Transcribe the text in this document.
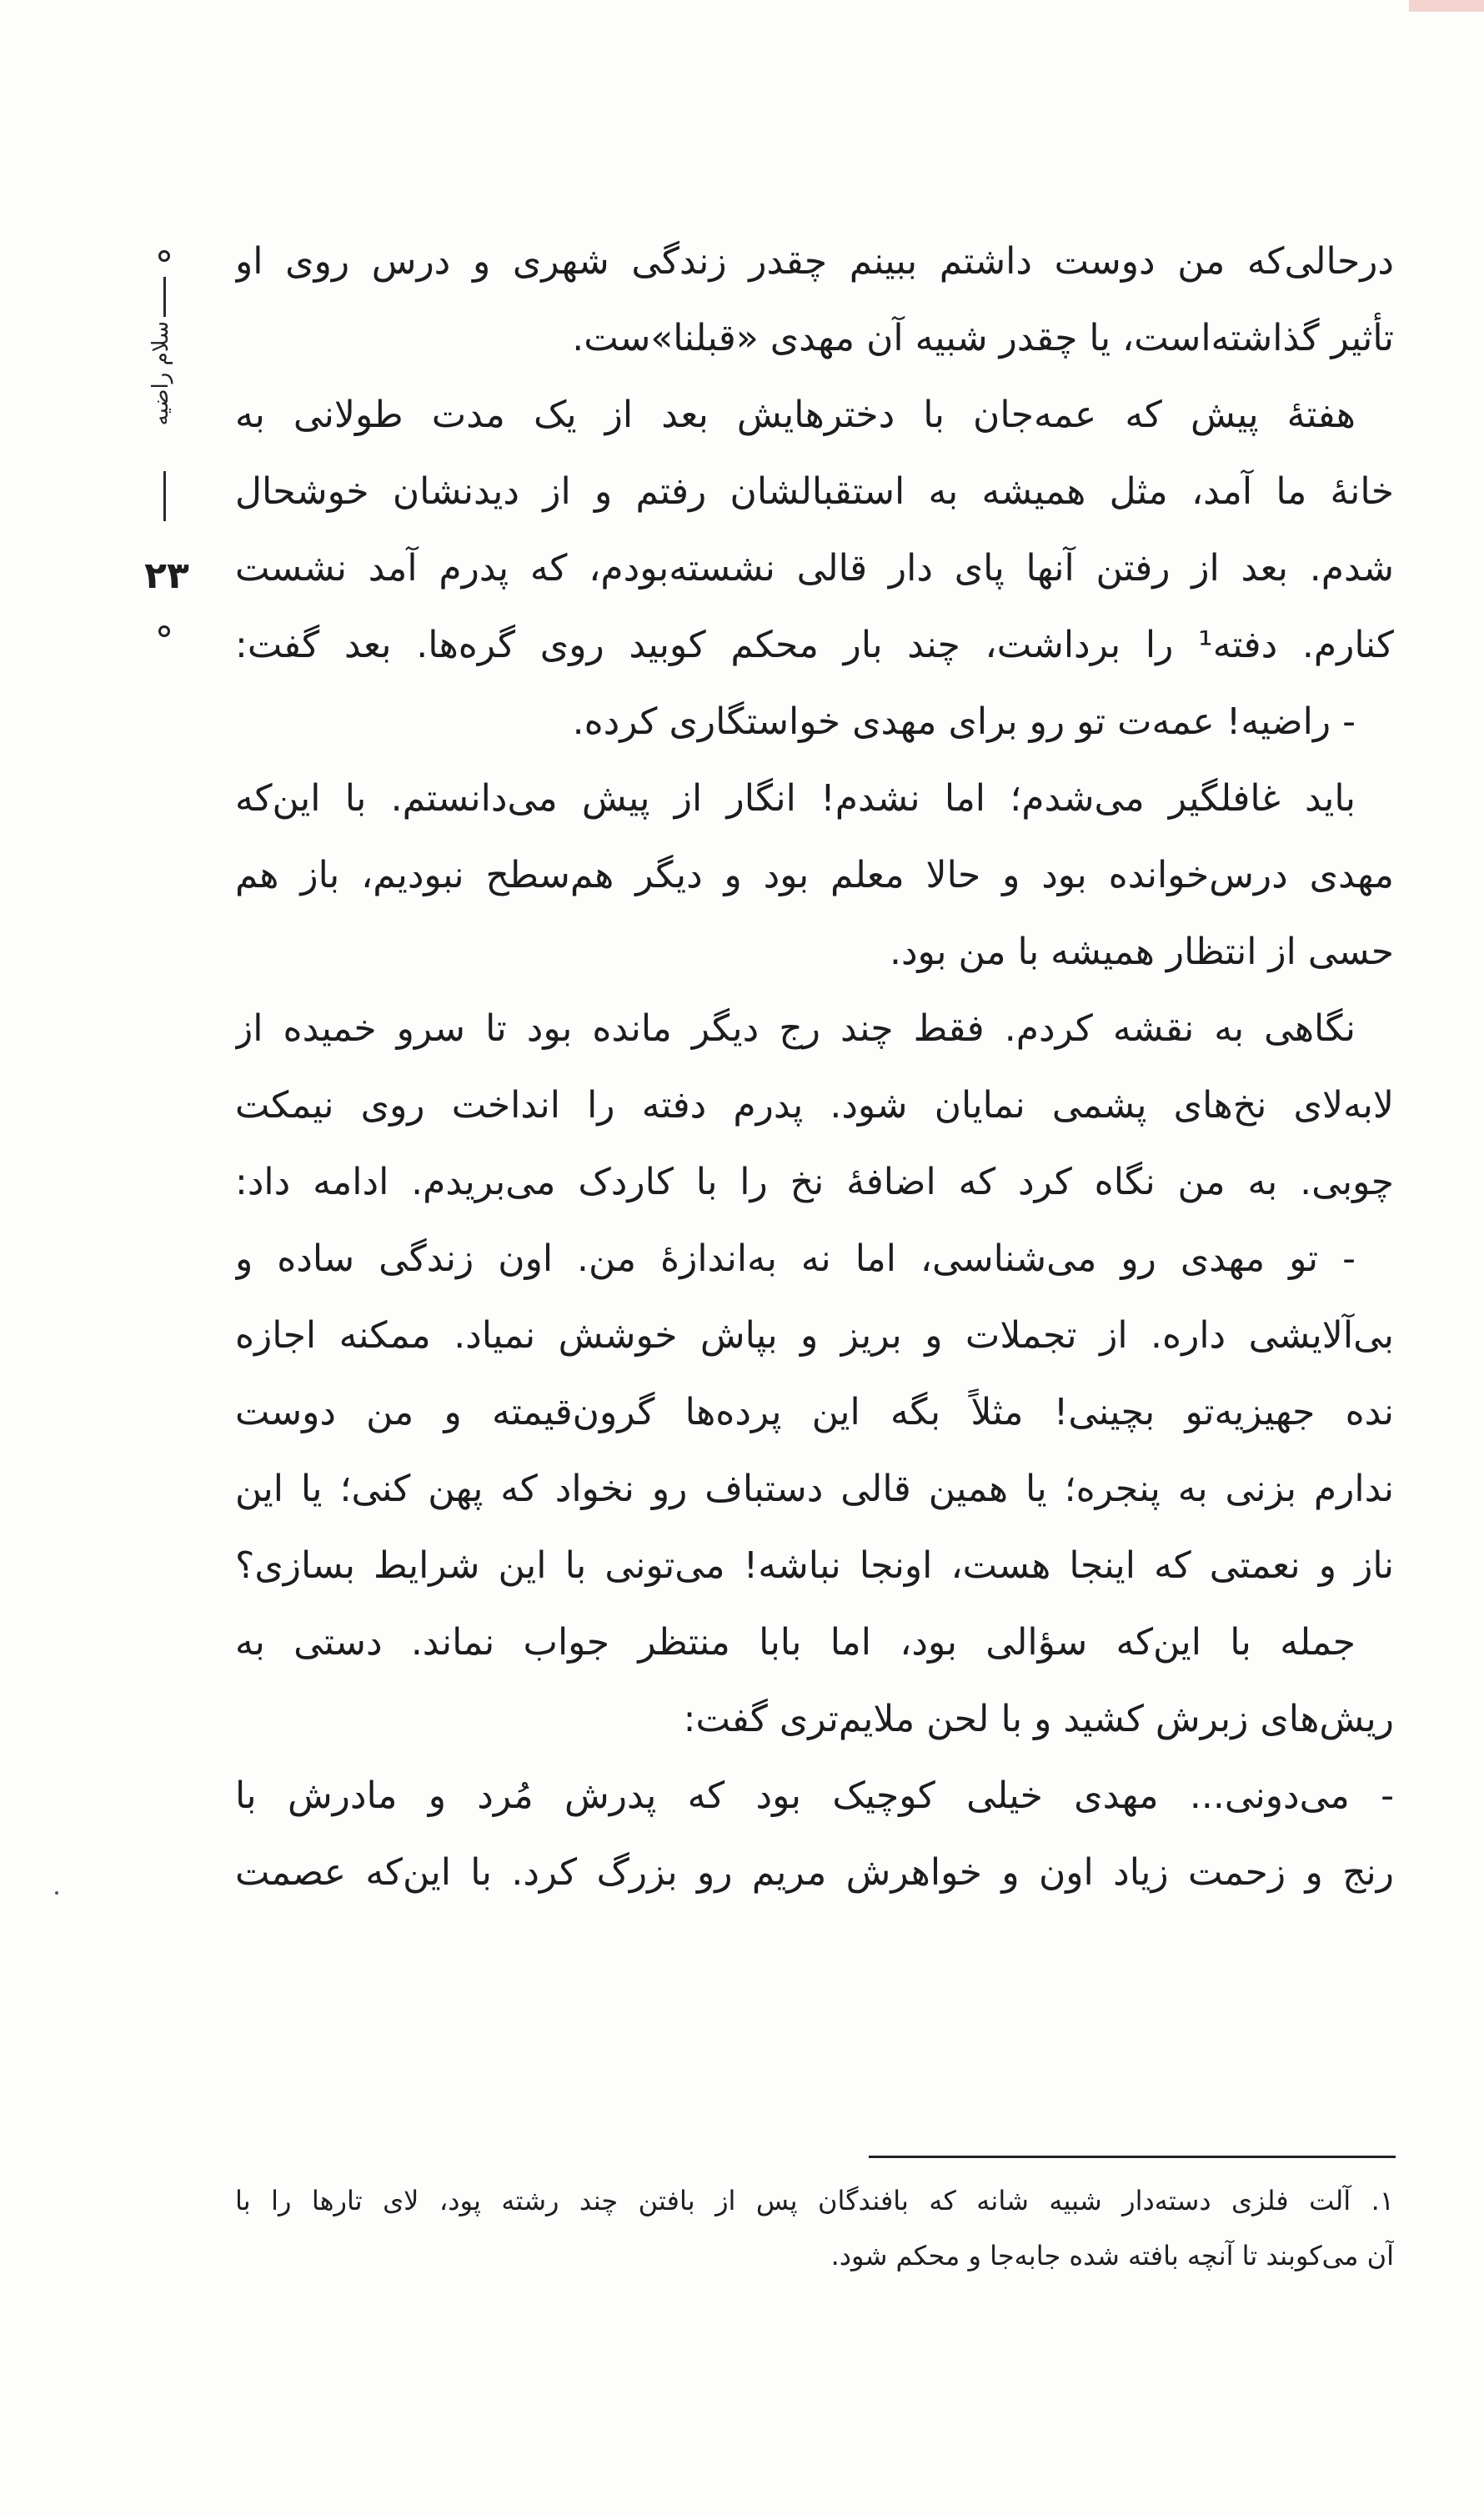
سلام راضیه
۲۳
درحالی‌که من دوست داشتم ببینم چقدر زندگی شهری و درس روی او
تأثیر گذاشته‌است، یا چقدر شبیه آن مهدی «قبلنا»ست.
هفتهٔ پیش که عمه‌جان با دخترهایش بعد از یک مدت طولانی به
خانهٔ ما آمد، مثل همیشه به استقبالشان رفتم و از دیدنشان خوشحال
شدم. بعد از رفتن آنها پای دار قالی نشسته‌بودم، که پدرم آمد نشست
کنارم. دفته¹ را برداشت، چند بار محکم کوبید روی گره‌ها. بعد گفت:
- راضیه! عمه‌ت تو رو برای مهدی خواستگاری کرده.
باید غافلگیر می‌شدم؛ اما نشدم! انگار از پیش می‌دانستم. با این‌که
مهدی درس‌خوانده بود و حالا معلم بود و دیگر هم‌سطح نبودیم، باز هم
حسی از انتظار همیشه با من بود.
نگاهی به نقشه کردم. فقط چند رج دیگر مانده بود تا سرو خمیده از
لابه‌لای نخ‌های پشمی نمایان شود. پدرم دفته را انداخت روی نیمکت
چوبی. به من نگاه کرد که اضافهٔ نخ را با کاردک می‌بریدم. ادامه داد:
- تو مهدی رو می‌شناسی، اما نه به‌اندازهٔ من. اون زندگی ساده و
بی‌آلایشی داره. از تجملات و بریز و بپاش خوشش نمیاد. ممکنه اجازه
نده جهیزیه‌تو بچینی! مثلاً بگه این پرده‌ها گرون‌قیمته و من دوست
ندارم بزنی به پنجره؛ یا همین قالی دستباف رو نخواد که پهن کنی؛ یا این
ناز و نعمتی که اینجا هست، اونجا نباشه! می‌تونی با این شرایط بسازی؟
جمله با این‌که سؤالی بود، اما بابا منتظر جواب نماند. دستی به
ریش‌های زبرش کشید و با لحن ملایم‌تری گفت:
- می‌دونی... مهدی خیلی کوچیک بود که پدرش مُرد و مادرش با
رنج و زحمت زیاد اون و خواهرش مریم رو بزرگ کرد. با این‌که عصمت
۱. آلت فلزی دسته‌دار شبیه شانه که بافندگان پس از بافتن چند رشته پود، لای تارها را با
آن می‌کوبند تا آنچه بافته شده جابه‌جا و محکم شود.
